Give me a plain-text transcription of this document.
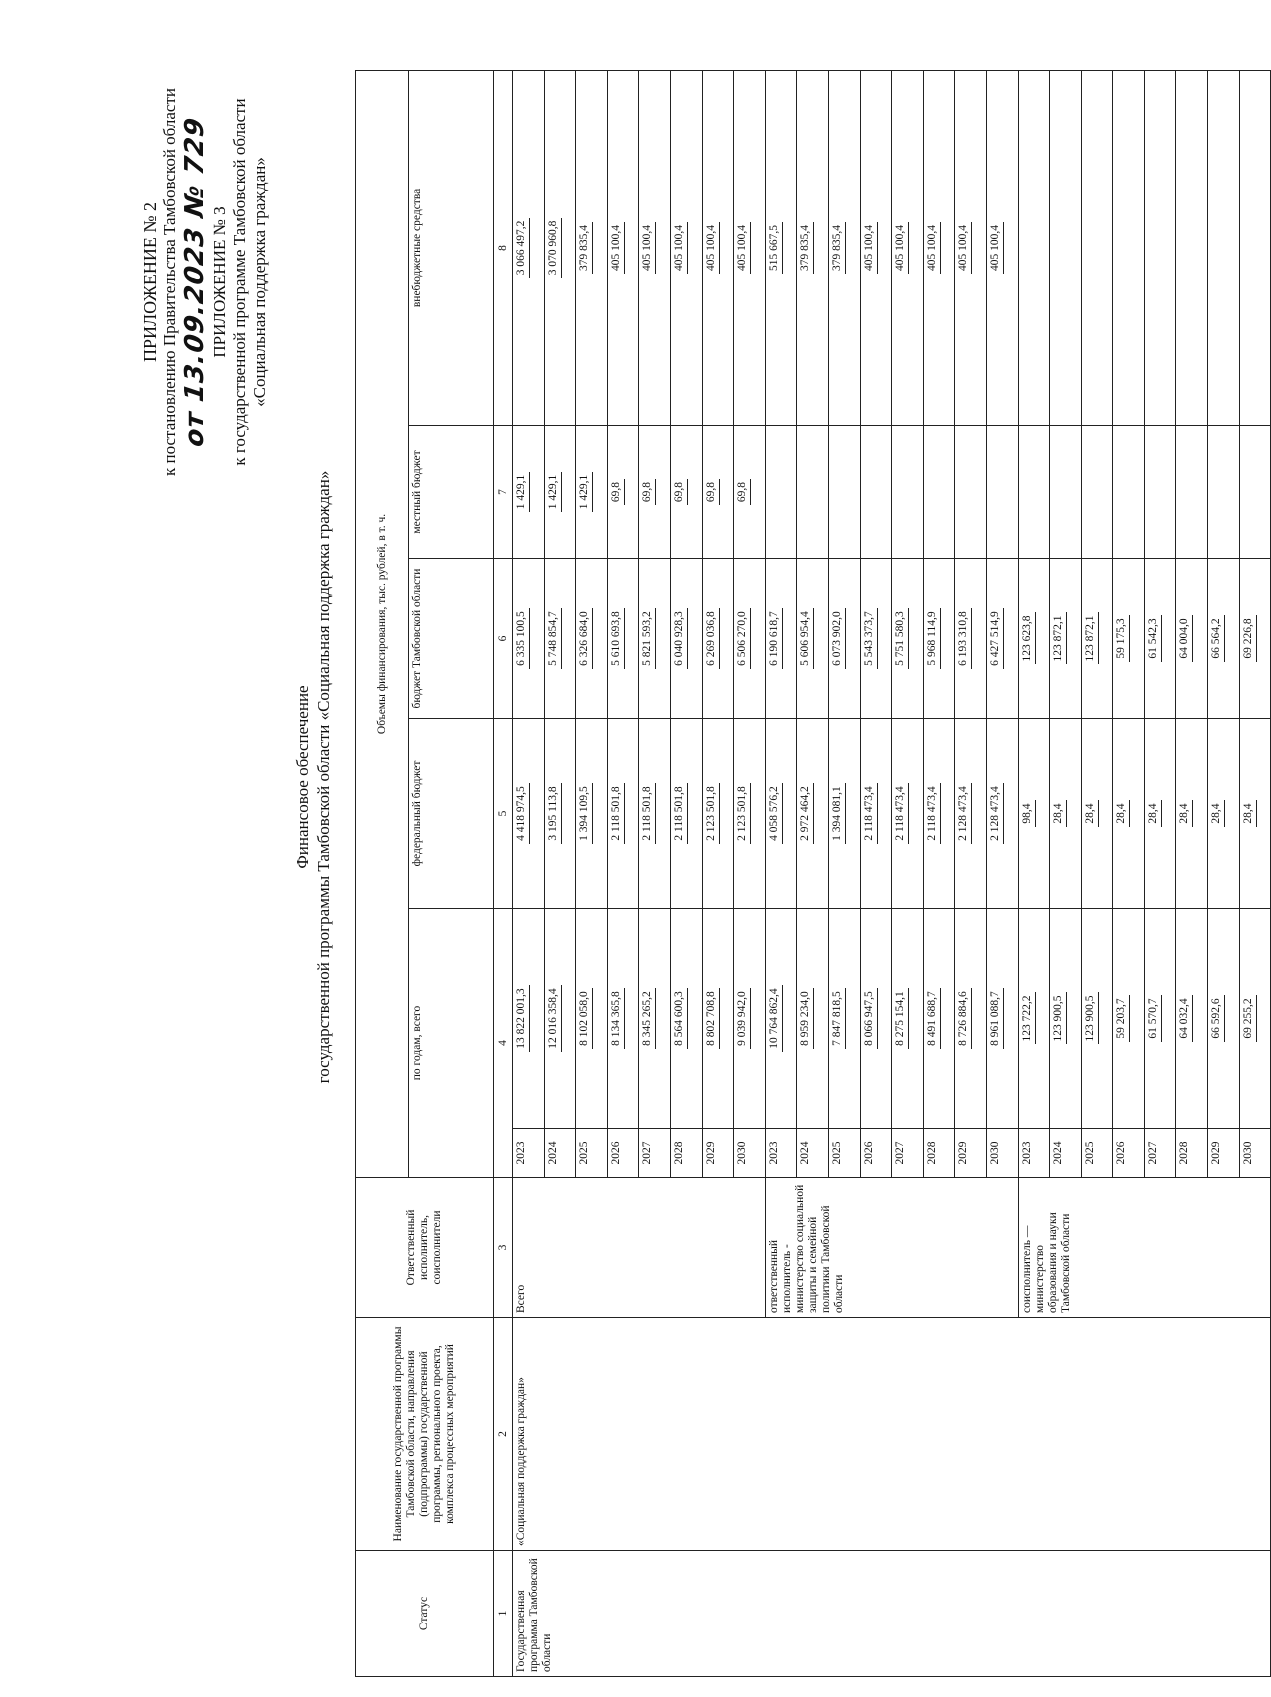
ПРИЛОЖЕНИЕ № 2 к постановлению Правительства Тамбовской области от 13.09.2023 № 729 ПРИЛОЖЕНИЕ № 3 к государственной программе Тамбовской области «Социальная поддержка граждан»
Финансовое обеспечение государственной программы Тамбовской области «Социальная поддержка граждан»
Статус	Наименование государственной программы Тамбовской области, направления (подпрограммы) государственной программы, регионального проекта, комплекса процессных мероприятий	Ответственный исполнитель, соисполнители	Объемы финансирования, тыс. рублей, в т. ч.					
			по годам, всего		федеральный бюджет	бюджет Тамбовской области	местный бюджет	внебюджетные средства
1	2	3	4		5	6	7	8
Государственная программа Тамбовской области	«Социальная поддержка граждан»	Всего	2023	13 822 001,3	4 418 974,5	6 335 100,5	1 429,1	3 066 497,2
			2024	12 016 358,4	3 195 113,8	5 748 854,7	1 429,1	3 070 960,8
			2025	8 102 058,0	1 394 109,5	6 326 684,0	1 429,1	379 835,4
			2026	8 134 365,8	2 118 501,8	5 610 693,8	69,8	405 100,4
			2027	8 345 265,2	2 118 501,8	5 821 593,2	69,8	405 100,4
			2028	8 564 600,3	2 118 501,8	6 040 928,3	69,8	405 100,4
			2029	8 802 708,8	2 123 501,8	6 269 036,8	69,8	405 100,4
			2030	9 039 942,0	2 123 501,8	6 506 270,0	69,8	405 100,4
		ответственный исполнитель - министерство социальной защиты и семейной политики Тамбовской области	2023	10 764 862,4	4 058 576,2	6 190 618,7		515 667,5
			2024	8 959 234,0	2 972 464,2	5 606 954,4		379 835,4
			2025	7 847 818,5	1 394 081,1	6 073 902,0		379 835,4
			2026	8 066 947,5	2 118 473,4	5 543 373,7		405 100,4
			2027	8 275 154,1	2 118 473,4	5 751 580,3		405 100,4
			2028	8 491 688,7	2 118 473,4	5 968 114,9		405 100,4
			2029	8 726 884,6	2 128 473,4	6 193 310,8		405 100,4
			2030	8 961 088,7	2 128 473,4	6 427 514,9		405 100,4
		соисполнитель — министерство образования и науки Тамбовской области	2023	123 722,2	98,4	123 623,8		
			2024	123 900,5	28,4	123 872,1		
			2025	123 900,5	28,4	123 872,1		
			2026	59 203,7	28,4	59 175,3		
			2027	61 570,7	28,4	61 542,3		
			2028	64 032,4	28,4	64 004,0		
			2029	66 592,6	28,4	66 564,2		
			2030	69 255,2	28,4	69 226,8		
